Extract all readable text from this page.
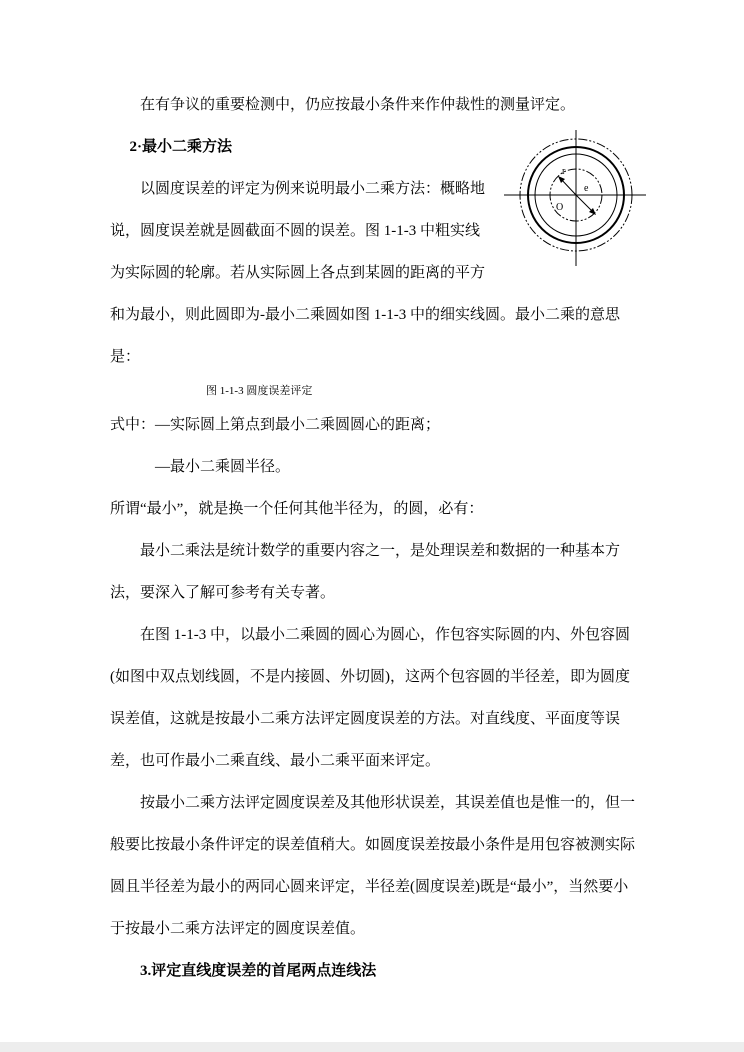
在有争议的重要检测中，仍应按最小条件来作仲裁性的测量评定。

O
r
e
2·最小二乘方法

以圆度误差的评定为例来说明最小二乘方法：概略地说，圆度误差就是圆截面不圆的误差。图 1-1-3 中粗实线为实际圆的轮廓。若从实际圆上各点到某圆的距离的平方和为最小，则此圆即为-最小二乘圆如图 1-1-3 中的细实线圆。最小二乘的意思是：

图 1-1-3 圆度误差评定

式中：—实际圆上第点到最小二乘圆圆心的距离；

—最小二乘圆半径。

所谓“最小”，就是换一个任何其他半径为，的圆，必有：

最小二乘法是统计数学的重要内容之一，是处理误差和数据的一种基本方法，要深入了解可参考有关专著。

在图 1-1-3 中，以最小二乘圆的圆心为圆心，作包容实际圆的内、外包容圆(如图中双点划线圆，不是内接圆、外切圆)，这两个包容圆的半径差，即为圆度误差值，这就是按最小二乘方法评定圆度误差的方法。对直线度、平面度等误差，也可作最小二乘直线、最小二乘平面来评定。

按最小二乘方法评定圆度误差及其他形状误差，其误差值也是惟一的，但一般要比按最小条件评定的误差值稍大。如圆度误差按最小条件是用包容被测实际圆且半径差为最小的两同心圆来评定，半径差(圆度误差)既是“最小”，当然要小于按最小二乘方法评定的圆度误差值。

3.评定直线度误差的首尾两点连线法
